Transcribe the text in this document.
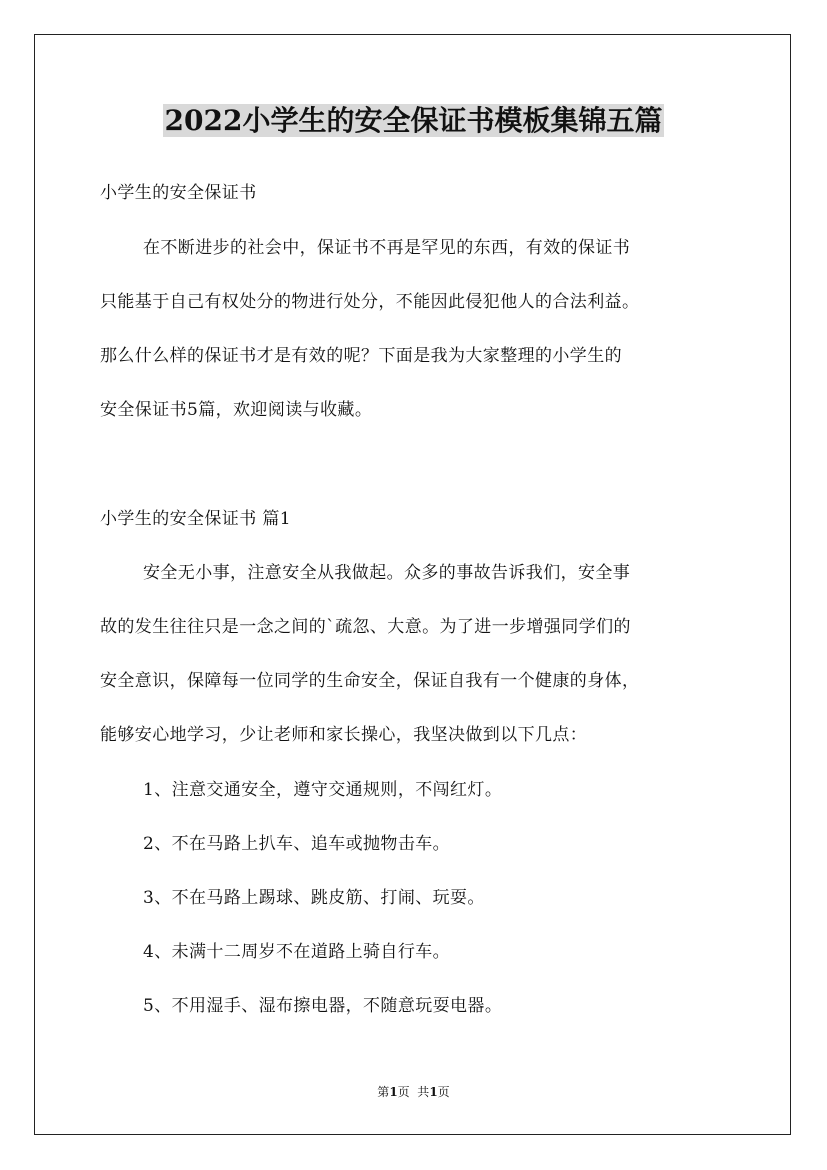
2022小学生的安全保证书模板集锦五篇
小学生的安全保证书
在不断进步的社会中，保证书不再是罕见的东西，有效的保证书
只能基于自己有权处分的物进行处分，不能因此侵犯他人的合法利益。
那么什么样的保证书才是有效的呢？下面是我为大家整理的小学生的
安全保证书5篇，欢迎阅读与收藏。
小学生的安全保证书 篇1
安全无小事，注意安全从我做起。众多的事故告诉我们，安全事
故的发生往往只是一念之间的`疏忽、大意。为了进一步增强同学们的
安全意识，保障每一位同学的生命安全，保证自我有一个健康的身体，
能够安心地学习，少让老师和家长操心，我坚决做到以下几点：
1、注意交通安全，遵守交通规则，不闯红灯。
2、不在马路上扒车、追车或抛物击车。
3、不在马路上踢球、跳皮筋、打闹、玩耍。
4、未满十二周岁不在道路上骑自行车。
5、不用湿手、湿布擦电器，不随意玩耍电器。
第1页  共1页
